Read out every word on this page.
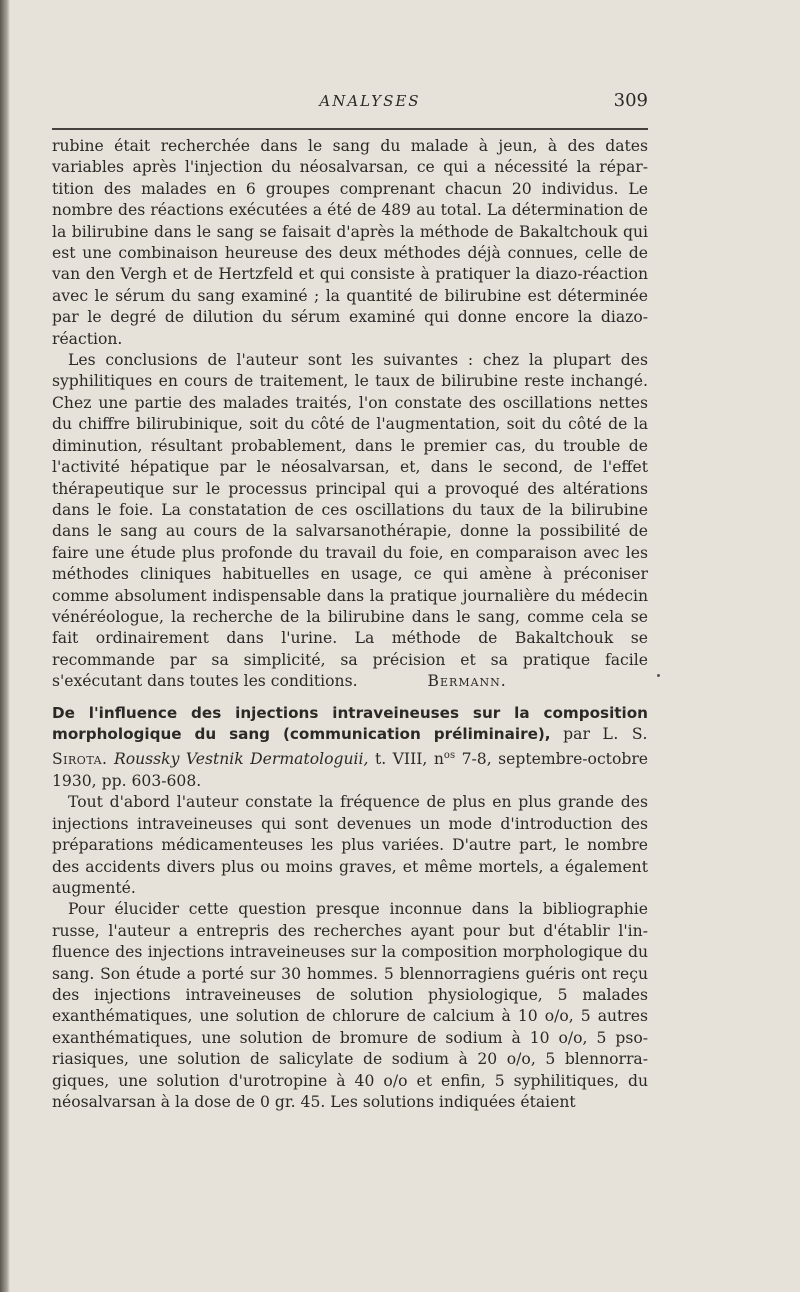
ANALYSES	309

rubine était recherchée dans le sang du malade à jeun, à des dates variables après l'injection du néosalvarsan, ce qui a nécessité la répartition des malades en 6 groupes comprenant chacun 20 individus. Le nombre des réactions exécutées a été de 489 au total. La détermination de la bilirubine dans le sang se faisait d'après la méthode de Bakaltchouk qui est une combinaison heureuse des deux méthodes déjà connues, celle de van den Vergh et de Hertzfeld et qui consiste à pratiquer la diazo-réaction avec le sérum du sang examiné ; la quantité de bilirubine est déterminée par le degré de dilution du sérum examiné qui donne encore la diazo-réaction.

Les conclusions de l'auteur sont les suivantes : chez la plupart des syphilitiques en cours de traitement, le taux de bilirubine reste inchangé. Chez une partie des malades traités, l'on constate des oscillations nettes du chiffre bilirubinique, soit du côté de l'augmentation, soit du côté de la diminution, résultant probablement, dans le premier cas, du trouble de l'activité hépatique par le néosalvarsan, et, dans le second, de l'effet thérapeutique sur le processus principal qui a provoqué des altérations dans le foie. La constatation de ces oscillations du taux de la bilirubine dans le sang au cours de la salvarsanothérapie, donne la possibilité de faire une étude plus profonde du travail du foie, en comparaison avec les méthodes cliniques habituelles en usage, ce qui amène à préconiser comme absolument indispensable dans la pratique journalière du médecin vénéréologue, la recherche de la bilirubine dans le sang, comme cela se fait ordinairement dans l'urine. La méthode de Bakaltchouk se recommande par sa simplicité, sa précision et sa pratique facile s'exécutant dans toutes les conditions.	Bermann.

De l'influence des injections intraveineuses sur la composition morphologique du sang (communication préliminaire), par L. S. Sirota. Roussky Vestnik Dermatologuii, t. VIII, $n^{os}$ 7-8, septembre-octobre 1930, pp. 603-608.

Tout d'abord l'auteur constate la fréquence de plus en plus grande des injections intraveineuses qui sont devenues un mode d'introduction des préparations médicamenteuses les plus variées. D'autre part, le nombre des accidents divers plus ou moins graves, et même mortels, a également augmenté.

Pour élucider cette question presque inconnue dans la bibliographie russe, l'auteur a entrepris des recherches ayant pour but d'établir l'influence des injections intraveineuses sur la composition morphologique du sang. Son étude a porté sur 30 hommes. 5 blennorragiens guéris ont reçu des injections intraveineuses de solution physiologique, 5 malades exanthématiques, une solution de chlorure de calcium à 10 o/o, 5 autres exanthématiques, une solution de bromure de sodium à 10 o/o, 5 psoriasiques, une solution de salicylate de sodium à 20 o/o, 5 blennorragiques, une solution d'urotropine à 40 o/o et enfin, 5 syphilitiques, du néosalvarsan à la dose de 0 gr. 45. Les solutions indiquées étaient
